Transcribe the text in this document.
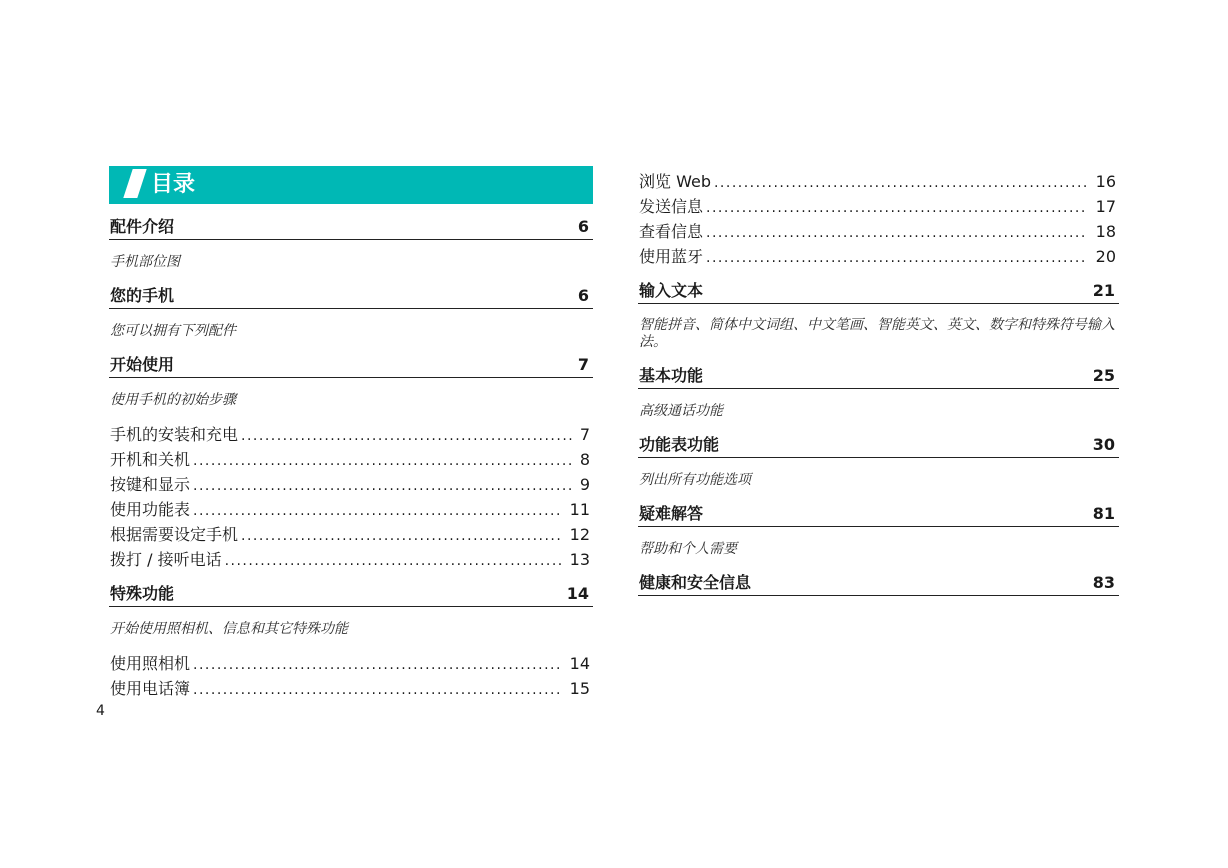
目录
配件介绍	6
手机部位图
您的手机	6
您可以拥有下列配件
开始使用	7
使用手机的初始步骤
手机的安装和充电 .....	7
开机和关机 .....	8
按键和显示 .....	9
使用功能表 .....	11
根据需要设定手机 .....	12
拨打 / 接听电话 .....	13
特殊功能	14
开始使用照相机、信息和其它特殊功能
使用照相机 .....	14
使用电话簿 .....	15
浏览 Web .....	16
发送信息 .....	17
查看信息 .....	18
使用蓝牙 .....	20
输入文本	21
智能拼音、简体中文词组、中文笔画、智能英文、英文、数字和特殊符号输入法。
基本功能	25
高级通话功能
功能表功能	30
列出所有功能选项
疑难解答	81
帮助和个人需要
健康和安全信息	83
4
